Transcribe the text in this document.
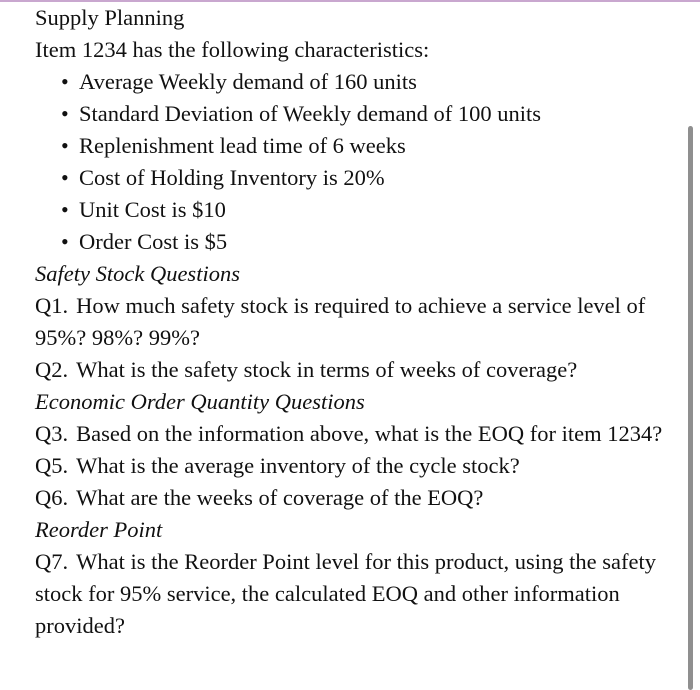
Supply Planning
Item 1234 has the following characteristics:
• Average Weekly demand of 160 units
• Standard Deviation of Weekly demand of 100 units
• Replenishment lead time of 6 weeks
• Cost of Holding Inventory is 20%
• Unit Cost is $10
• Order Cost is $5
Safety Stock Questions
Q1. How much safety stock is required to achieve a service level of 95%? 98%? 99%?
Q2. What is the safety stock in terms of weeks of coverage?
Economic Order Quantity Questions
Q3. Based on the information above, what is the EOQ for item 1234?
Q5. What is the average inventory of the cycle stock?
Q6. What are the weeks of coverage of the EOQ?
Reorder Point
Q7. What is the Reorder Point level for this product, using the safety stock for 95% service, the calculated EOQ and other information provided?
